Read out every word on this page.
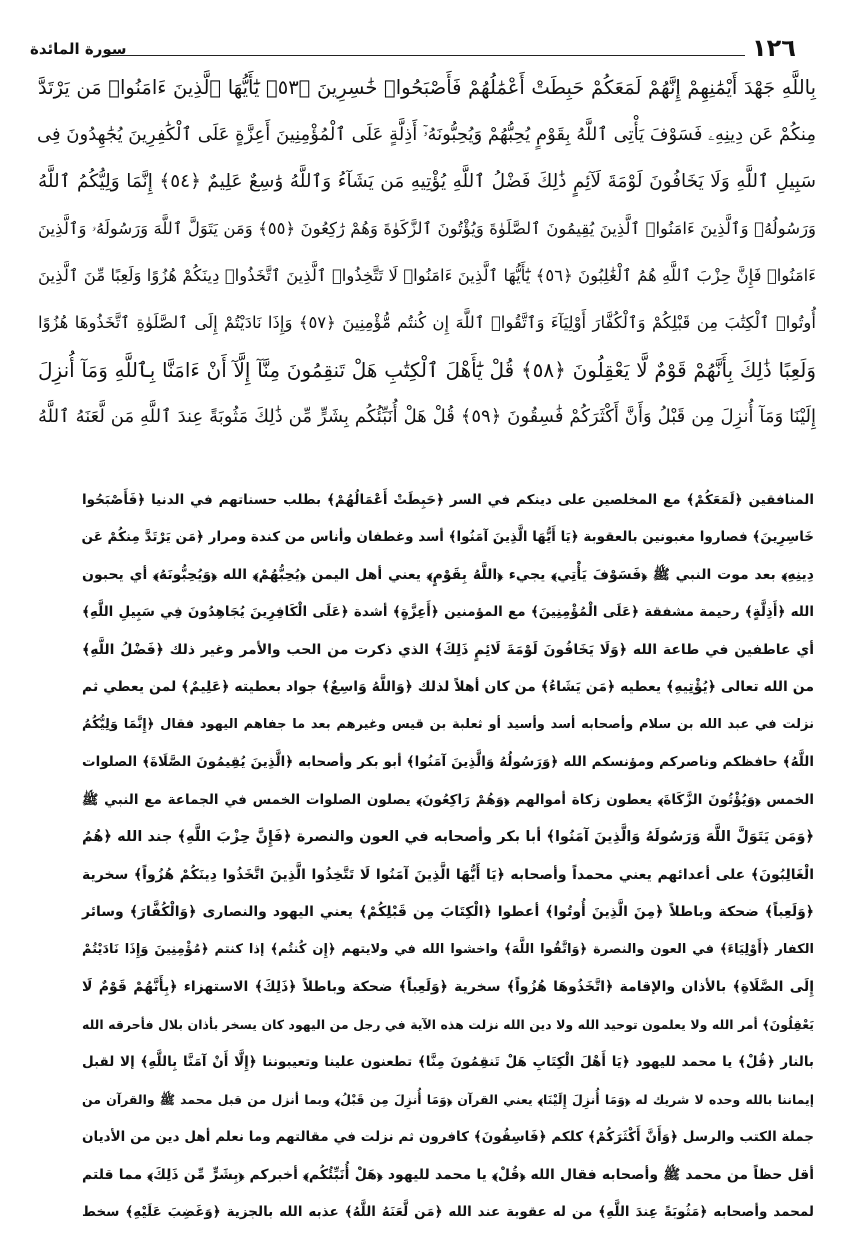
١٢٦
سورة المائدة
بِاللَّهِ جَهْدَ أَيْمَٰنِهِمْ إِنَّهُمْ لَمَعَكُمْ حَبِطَتْ أَعْمَٰلُهُمْ فَأَصْبَحُوا۟ خَٰسِرِينَ ﴿٥٣﴾ يَٰٓأَيُّهَا ٱلَّذِينَ ءَامَنُوا۟ مَن يَرْتَدَّ
مِنكُمْ عَن دِينِهِۦ فَسَوْفَ يَأْتِى ٱللَّهُ بِقَوْمٍ يُحِبُّهُمْ وَيُحِبُّونَهُۥٓ أَذِلَّةٍ عَلَى ٱلْمُؤْمِنِينَ أَعِزَّةٍ عَلَى ٱلْكَٰفِرِينَ يُجَٰهِدُونَ فِى
سَبِيلِ ٱللَّهِ وَلَا يَخَافُونَ لَوْمَةَ لَآئِمٍ ذَٰلِكَ فَضْلُ ٱللَّهِ يُؤْتِيهِ مَن يَشَآءُ وَٱللَّهُ وَٰسِعٌ عَلِيمٌ ﴿٥٤﴾ إِنَّمَا وَلِيُّكُمُ ٱللَّهُ
وَرَسُولُهُۥ وَٱلَّذِينَ ءَامَنُوا۟ ٱلَّذِينَ يُقِيمُونَ ٱلصَّلَوٰةَ وَيُؤْتُونَ ٱلزَّكَوٰةَ وَهُمْ رَٰكِعُونَ ﴿٥٥﴾ وَمَن يَتَوَلَّ ٱللَّهَ وَرَسُولَهُۥ وَٱلَّذِينَ
ءَامَنُوا۟ فَإِنَّ حِزْبَ ٱللَّهِ هُمُ ٱلْغَٰلِبُونَ ﴿٥٦﴾ يَٰٓأَيُّهَا ٱلَّذِينَ ءَامَنُوا۟ لَا تَتَّخِذُوا۟ ٱلَّذِينَ ٱتَّخَذُوا۟ دِينَكُمْ هُزُوًا وَلَعِبًا مِّنَ ٱلَّذِينَ
أُوتُوا۟ ٱلْكِتَٰبَ مِن قَبْلِكُمْ وَٱلْكُفَّارَ أَوْلِيَآءَ وَٱتَّقُوا۟ ٱللَّهَ إِن كُنتُم مُّؤْمِنِينَ ﴿٥٧﴾ وَإِذَا نَادَيْتُمْ إِلَى ٱلصَّلَوٰةِ ٱتَّخَذُوهَا هُزُوًا
وَلَعِبًا ذَٰلِكَ بِأَنَّهُمْ قَوْمٌ لَّا يَعْقِلُونَ ﴿٥٨﴾ قُلْ يَٰٓأَهْلَ ٱلْكِتَٰبِ هَلْ تَنقِمُونَ مِنَّآ إِلَّآ أَنْ ءَامَنَّا بِٱللَّهِ وَمَآ أُنزِلَ
إِلَيْنَا وَمَآ أُنزِلَ مِن قَبْلُ وَأَنَّ أَكْثَرَكُمْ فَٰسِقُونَ ﴿٥٩﴾ قُلْ هَلْ أُنَبِّئُكُم بِشَرٍّ مِّن ذَٰلِكَ مَثُوبَةً عِندَ ٱللَّهِ مَن لَّعَنَهُ ٱللَّهُ
المنافقين ﴿لَمَعَكُمْ﴾ مع المخلصين على دينكم في السر ﴿حَبِطَتْ أَعْمَالُهُمْ﴾ بطلب حسناتهم في الدنيا ﴿فَأَصْبَحُوا
خَاسِرِينَ﴾ فصاروا مغبونين بالعقوبة ﴿يَا أَيُّهَا الَّذِينَ آمَنُوا﴾ أسد وغطفان وأناس من كندة ومرار ﴿مَن يَرْتَدَّ مِنكُمْ عَن
دِينِهِ﴾ بعد موت النبي ﷺ ﴿فَسَوْفَ يَأْتِي﴾ يجيء ﴿اللَّهُ بِقَوْمٍ﴾ يعني أهل اليمن ﴿يُحِبُّهُمْ﴾ الله ﴿وَيُحِبُّونَهُ﴾ أي يحبون
الله ﴿أَذِلَّةٍ﴾ رحيمة مشفقة ﴿عَلَى الْمُؤْمِنِينَ﴾ مع المؤمنين ﴿أَعِزَّةٍ﴾ أشدة ﴿عَلَى الْكَافِرِينَ يُجَاهِدُونَ فِي سَبِيلِ اللَّهِ﴾
أي عاطفين في طاعة الله ﴿وَلَا يَخَافُونَ لَوْمَةَ لَائِمٍ ذَلِكَ﴾ الذي ذكرت من الحب والأمر وغير ذلك ﴿فَضْلُ اللَّهِ﴾
من الله تعالى ﴿يُؤْتِيهِ﴾ يعطيه ﴿مَن يَشَاءُ﴾ من كان أهلاً لذلك ﴿وَاللَّهُ وَاسِعٌ﴾ جواد بعطيته ﴿عَلِيمٌ﴾ لمن يعطي ثم
نزلت في عبد الله بن سلام وأصحابه أسد وأسيد أو ثعلبة بن قيس وغيرهم بعد ما جفاهم اليهود فقال ﴿إِنَّمَا وَلِيُّكُمُ
اللَّهُ﴾ حافظكم وناصركم ومؤنسكم الله ﴿وَرَسُولُهُ وَالَّذِينَ آمَنُوا﴾ أبو بكر وأصحابه ﴿الَّذِينَ يُقِيمُونَ الصَّلَاةَ﴾ الصلوات
الخمس ﴿وَيُؤْتُونَ الزَّكَاةَ﴾ يعطون زكاة أموالهم ﴿وَهُمْ رَاكِعُونَ﴾ يصلون الصلوات الخمس في الجماعة مع النبي ﷺ
﴿وَمَن يَتَوَلَّ اللَّهَ وَرَسُولَهُ وَالَّذِينَ آمَنُوا﴾ أبا بكر وأصحابه في العون والنصرة ﴿فَإِنَّ حِزْبَ اللَّهِ﴾ جند الله ﴿هُمُ
الْغَالِبُونَ﴾ على أعدائهم يعني محمداً وأصحابه ﴿يَا أَيُّهَا الَّذِينَ آمَنُوا لَا تَتَّخِذُوا الَّذِينَ اتَّخَذُوا دِينَكُمْ هُزُواً﴾ سخرية
﴿وَلَعِباً﴾ ضحكة وباطلاً ﴿مِنَ الَّذِينَ أُوتُوا﴾ أعطوا ﴿الْكِتَابَ مِن قَبْلِكُمْ﴾ يعني اليهود والنصارى ﴿وَالْكُفَّارَ﴾ وسائر
الكفار ﴿أَوْلِيَاءَ﴾ في العون والنصرة ﴿وَاتَّقُوا اللَّهَ﴾ واخشوا الله في ولايتهم ﴿إِن كُنتُم﴾ إذا كنتم ﴿مُؤْمِنِينَ وَإِذَا نَادَيْتُمْ
إِلَى الصَّلَاةِ﴾ بالأذان والإقامة ﴿اتَّخَذُوهَا هُزُواً﴾ سخرية ﴿وَلَعِباً﴾ ضحكة وباطلاً ﴿ذَلِكَ﴾ الاستهزاء ﴿بِأَنَّهُمْ قَوْمٌ لَا
يَعْقِلُونَ﴾ أمر الله ولا يعلمون توحيد الله ولا دين الله نزلت هذه الآية في رجل من اليهود كان يسخر بأذان بلال فأحرقه الله
بالنار ﴿قُلْ﴾ يا محمد لليهود ﴿يَا أَهْلَ الْكِتَابِ هَلْ تَنقِمُونَ مِنَّا﴾ تطعنون علينا وتعيبوننا ﴿إِلَّا أَنْ آمَنَّا بِاللَّهِ﴾ إلا لقبل
إيماننا بالله وحده لا شريك له ﴿وَمَا أُنزِلَ إِلَيْنَا﴾ يعني القرآن ﴿وَمَا أُنزِلَ مِن قَبْلُ﴾ وبما أنزل من قبل محمد ﷺ والقرآن من
جملة الكتب والرسل ﴿وَأَنَّ أَكْثَرَكُمْ﴾ كلكم ﴿فَاسِقُونَ﴾ كافرون ثم نزلت في مقالتهم وما نعلم أهل دين من الأديان
أقل حظاً من محمد ﷺ وأصحابه فقال الله ﴿قُلْ﴾ يا محمد لليهود ﴿هَلْ أُنَبِّئُكُم﴾ أخبركم ﴿بِشَرٍّ مِّن ذَلِكَ﴾ مما قلتم
لمحمد وأصحابه ﴿مَثُوبَةً عِندَ اللَّهِ﴾ من له عقوبة عند الله ﴿مَن لَّعَنَهُ اللَّهُ﴾ عذبه الله بالجزية ﴿وَغَضِبَ عَلَيْهِ﴾ سخط
